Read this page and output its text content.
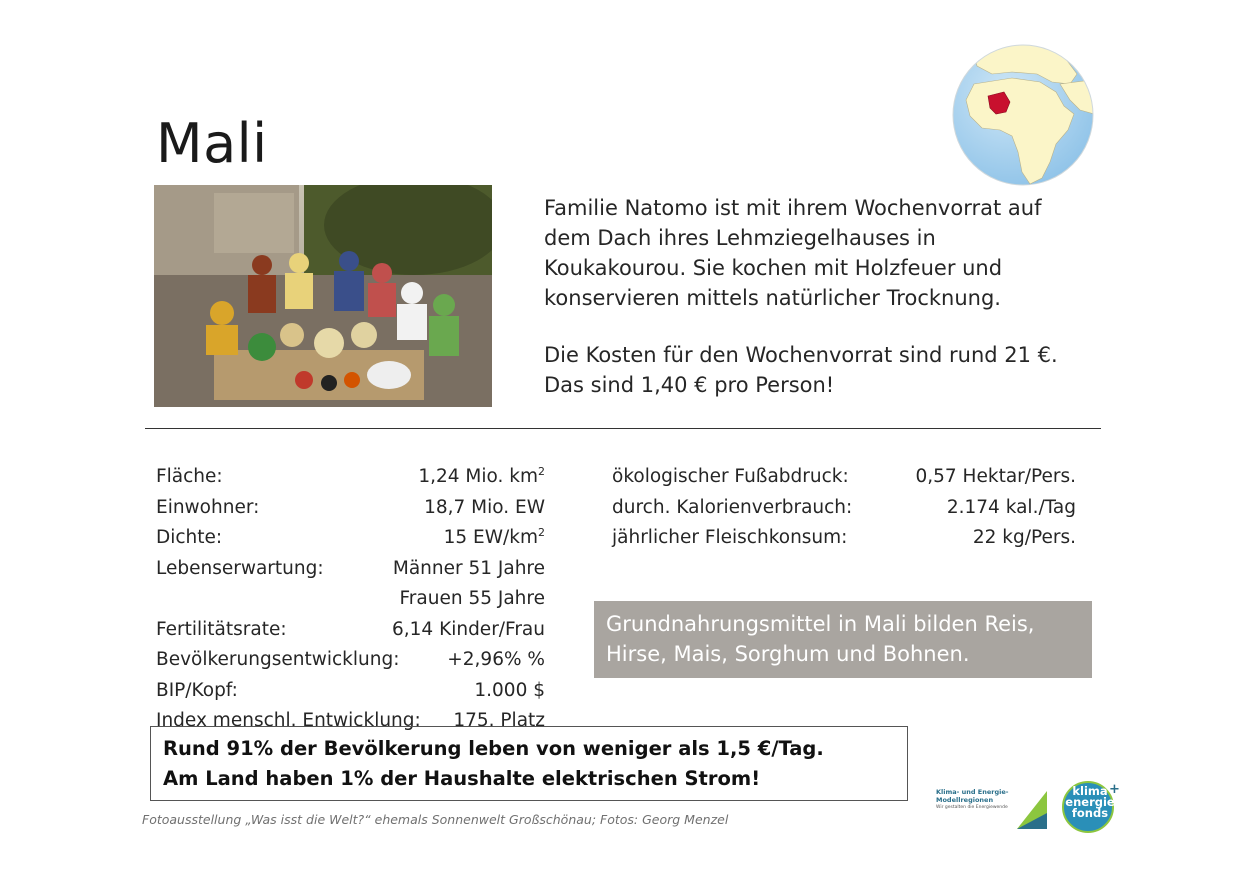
Mali
Familie Natomo ist mit ihrem Wochenvorrat auf
dem Dach ihres Lehmziegelhauses in
Koukakourou. Sie kochen mit Holzfeuer und
konservieren mittels natürlicher Trocknung.
Die Kosten für den Wochenvorrat sind rund 21 €.
Das sind 1,40 € pro Person!
Fläche:	1,24 Mio. $km^2$
Einwohner:	18,7 Mio. EW
Dichte:	15 $EW/km^2$
Lebenserwartung:	Männer 51 Jahre
Frauen 55 Jahre
Fertilitätsrate:	6,14 Kinder/Frau
Bevölkerungsentwicklung:	+2,96% %
BIP/Kopf:	1.000 $
Index menschl. Entwicklung: 175. Platz
ökologischer Fußabdruck:	0,57 Hektar/Pers.
durch. Kalorienverbrauch:	2.174 kal./Tag
jährlicher Fleischkonsum:	22 kg/Pers.
Grundnahrungsmittel in Mali bilden Reis,
Hirse, Mais, Sorghum und Bohnen.
Rund 91% der Bevölkerung leben von weniger als 1,5 €/Tag.
Am Land haben 1% der Haushalte elektrischen Strom!
Fotoausstellung „Was isst die Welt?“ ehemals Sonnenwelt Großschönau; Fotos: Georg Menzel
Klima- und Energie-
Modellregionen
Wir gestalten die Energiewende
klima
energie
fonds
+
